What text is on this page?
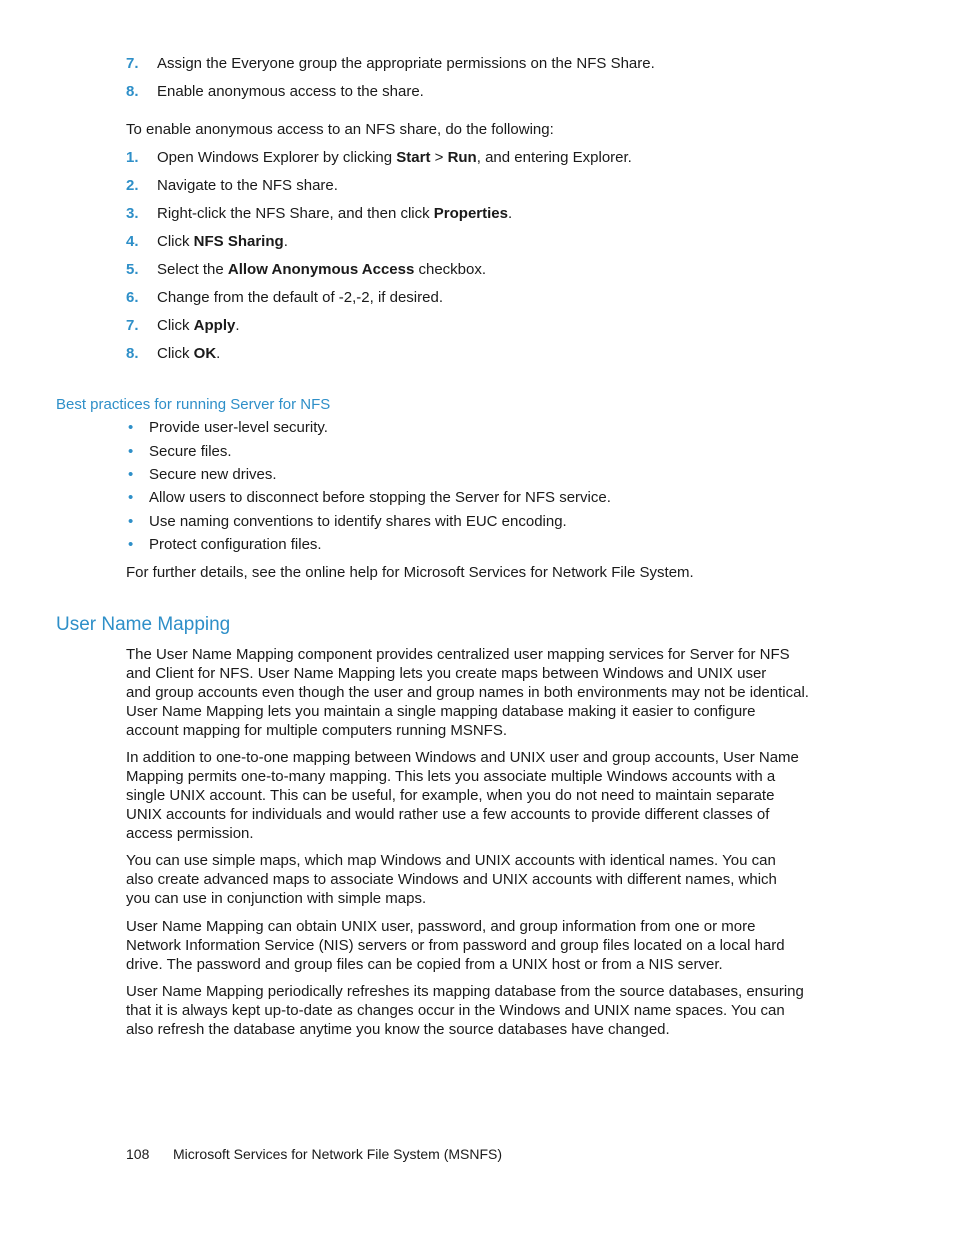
7. Assign the Everyone group the appropriate permissions on the NFS Share.
8. Enable anonymous access to the share.
To enable anonymous access to an NFS share, do the following:
1. Open Windows Explorer by clicking Start > Run, and entering Explorer.
2. Navigate to the NFS share.
3. Right-click the NFS Share, and then click Properties.
4. Click NFS Sharing.
5. Select the Allow Anonymous Access checkbox.
6. Change from the default of -2,-2, if desired.
7. Click Apply.
8. Click OK.
Best practices for running Server for NFS
• Provide user-level security.
• Secure files.
• Secure new drives.
• Allow users to disconnect before stopping the Server for NFS service.
• Use naming conventions to identify shares with EUC encoding.
• Protect configuration files.
For further details, see the online help for Microsoft Services for Network File System.
User Name Mapping
The User Name Mapping component provides centralized user mapping services for Server for NFS
and Client for NFS. User Name Mapping lets you create maps between Windows and UNIX user
and group accounts even though the user and group names in both environments may not be identical.
User Name Mapping lets you maintain a single mapping database making it easier to configure
account mapping for multiple computers running MSNFS.
In addition to one-to-one mapping between Windows and UNIX user and group accounts, User Name
Mapping permits one-to-many mapping. This lets you associate multiple Windows accounts with a
single UNIX account. This can be useful, for example, when you do not need to maintain separate
UNIX accounts for individuals and would rather use a few accounts to provide different classes of
access permission.
You can use simple maps, which map Windows and UNIX accounts with identical names. You can
also create advanced maps to associate Windows and UNIX accounts with different names, which
you can use in conjunction with simple maps.
User Name Mapping can obtain UNIX user, password, and group information from one or more
Network Information Service (NIS) servers or from password and group files located on a local hard
drive. The password and group files can be copied from a UNIX host or from a NIS server.
User Name Mapping periodically refreshes its mapping database from the source databases, ensuring
that it is always kept up-to-date as changes occur in the Windows and UNIX name spaces. You can
also refresh the database anytime you know the source databases have changed.
108 Microsoft Services for Network File System (MSNFS)
